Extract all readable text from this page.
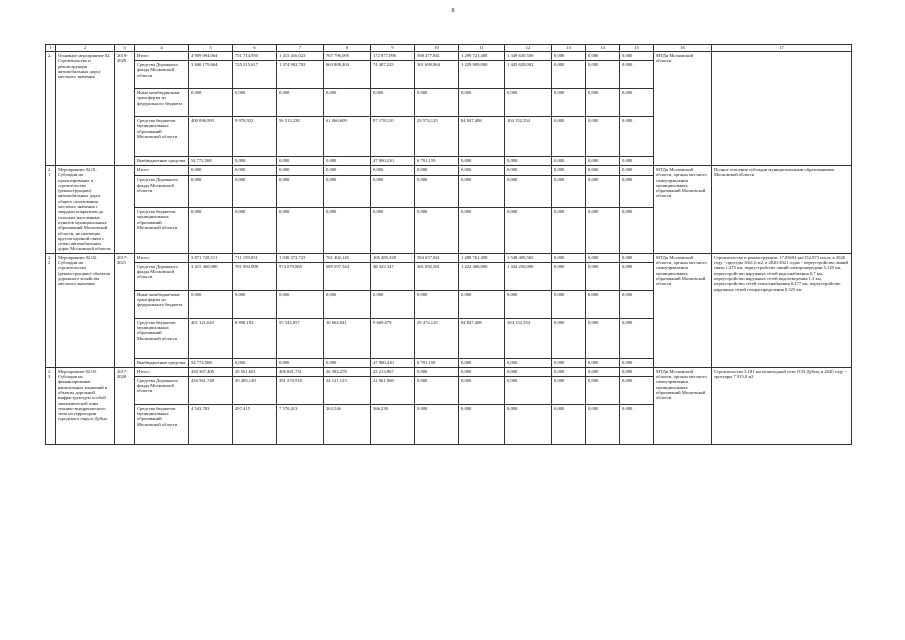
8
1	2	3	4	5	6	7	8	9	10	11	12	13	14	15	16	17
2.	Основное мероприятие 02. Строительство и реконструкция автомобильных дорог местного значения	2019-2020	Итого	4 909 094,064	751 714,950	1 415 416,023	767 796,095	172 877,096	398 477,841	1 299 721,408	1 349 630,556	0,000	0,000	0,000	МТДи Московской области	
			Средства Дорожного фонда Московской области	3 840 179,664	725 215,617	1 374 902,782	663 808,404	74 487,225	361 690,864	1 229 909,000	1 445 628,002	0,000	0,000	0,000		
			Иные межбюджетные трансферты из федерального бюджета	0,000	0,000	0,000	0,000	0,000	0,000	0,000	0,000	0,000	0,000	0,000		
			Средства бюджетов муниципальных образований Московской области	400 096,995	9 970,922	56 513,238	61 066,609	97 178,110	29 574,125	84 847,408	104 152,554	0,000	0,000	0,000		
			Внебюджетные средства	54 772,568	0,000	0,000	0,000	47 900,210	6 791,159	0,000	0,000	0,000	0,000	0,000		
2.1	Мероприятие 02.01. Субсидии на проектирование и строительство (реконструкцию) автомобильных дорог общего пользования местного значения с твердым покрытием до сельских населенных пунктов муниципальных образований Московской области, не имеющих круглогодичной связи с сетью автомобильных дорог Московской области		Итого	0,000	0,000	0,000	0,000	0,000	0,000	0,000	0,000	0,000	0,000	0,000	МТДи Московской области, органы местного самоуправления муниципальных образований Московской области	Полное освоение субсидии муниципальными образованиями Московской области
			Средства Дорожного фонда Московской области	0,000	0,000	0,000	0,000	0,000	0,000	0,000	0,000	0,000	0,000	0,000		
			Средства бюджетов муниципальных образований Московской области	0,000	0,000	0,000	0,000	0,000	0,000	0,000	0,000	0,000	0,000	0,000		
2.2	Мероприятие 02.02. Субсидии на строительство (реконструкцию) объектов дорожного хозяйства местного значения	2017-2021	Итого:	3 871 728,511	711 159,051	1 030 372,723	761 402,145	106 485,328	394 657,841	1 288 761,408	1 548 409,565	0,000	0,000	0,000	МТДи Московской области, органы местного самоуправления муниципальных образований Московской области	Строительство и реконструкция: 17,83694 км/152,073 пог.м, в 2020 году - проезды 1661,6 м2, в 2020-2021 годах - переустройство линий связи 1,475 км, переустройство линий электропередачи 5,129 км, переустройство наружных сетей водоснабжения 0,7 км, переустройство наружных сетей водоотведения 1,3 км, переустройство сетей теплоснабжения 0,177 км, переустройство наружных сетей газораспределения 0,325 км
			Средства Дорожного фонда Московской области	3 415 360,000	701 994,998	974 079,865	689 597,544	48 325,347	361 092,561	1 222 406,000	1 444 256,000	0,000	0,000	0,000		
			Иные межбюджетные трансферты из федерального бюджета	0,000	0,000	0,000	0,000	0,000	0,000	0,000	0,000	0,000	0,000	0,000		
			Средства бюджетов муниципальных образований Московской области	401 121,643	8 898,182	55 542,857	10 604,841	9 669,679	29 474,125	84 847,408	104 152,554	0,000	0,000	0,000		
			Внебюджетные средства	54 772,568	0,000	0,000	0,000	47 900,410	6 791,158	0,000	0,000	0,000	0,000	0,000		
2.3	Мероприятие 02.03. Субсидия на финансирование капитальных вложений в объекты дорожной инфраструктуры особой экономической зоны технико-внедренческого типа на территории городского округа Дубна	2017-2020	Итого:	430 367,406	20 561,601	406 841,731	26 394,278	23 213,867	0,000	0,000	0,000	0,000	0,000	0,000	МТДи Московской области, органы местного самоуправления муниципальных образований Московской области	Строительство 3,181 км пешеходной сети ОЭЗ Дубна, в 2020 году - тротуары 7 915,0 м2
			Средства Дорожного фонда Московской области	426 561,748	20 285,149	391 270,918	24 121,123	22 961,968	0,000	0,000	0,000	0,000	0,000	0,000		
			Средства бюджетов муниципальных образований Московской области	4 543,783	297,415	7 570,413	263,546	366,239	0,000	0,000	0,000	0,000	0,000	0,000		
